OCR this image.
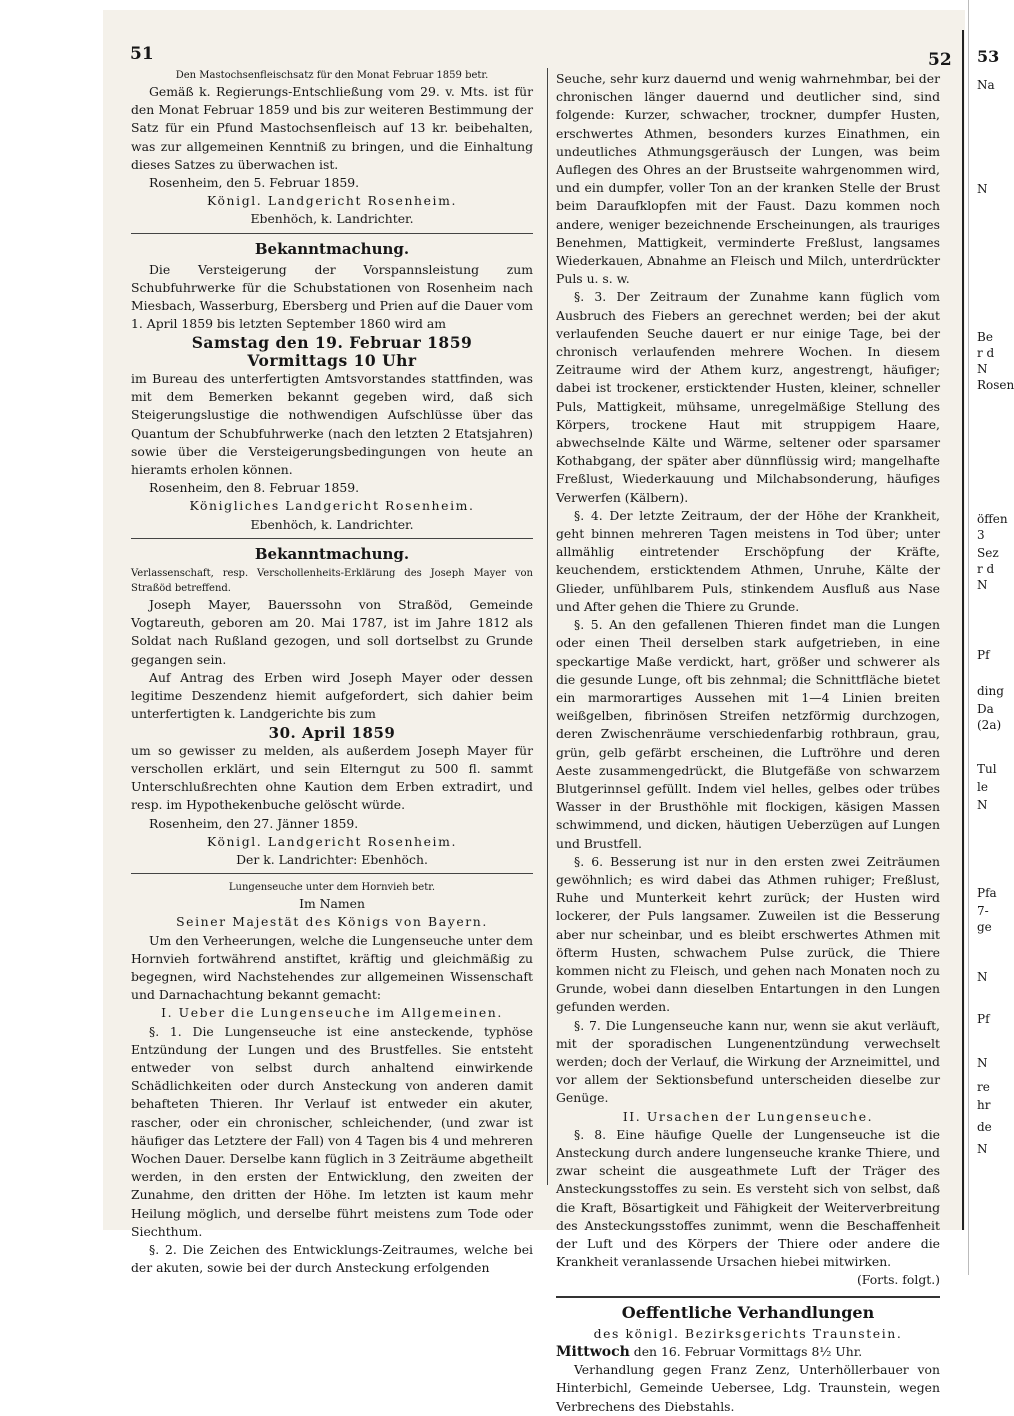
51	52

Den Mastochsenfleischsatz für den Monat Februar 1859 betr.

Gemäß k. Regierungs-Entschließung vom 29. v. Mts. ist für den Monat Februar 1859 und bis zur weiteren Bestimmung der Satz für ein Pfund Mastochsenfleisch auf 13 kr. beibehalten, was zur allgemeinen Kenntniß zu bringen, und die Einhaltung dieses Satzes zu überwachen ist.

Rosenheim, den 5. Februar 1859.

Königl. Landgericht Rosenheim.

Ebenhöch, k. Landrichter.

Bekanntmachung.

Die Versteigerung der Vorspannsleistung zum Schubfuhrwerke für die Schubstationen von Rosenheim nach Miesbach, Wasserburg, Ebersberg und Prien auf die Dauer vom 1. April 1859 bis letzten September 1860 wird am

Samstag den 19. Februar 1859

Vormittags 10 Uhr

im Bureau des unterfertigten Amtsvorstandes stattfinden, was mit dem Bemerken bekannt gegeben wird, daß sich Steigerungslustige die nothwendigen Aufschlüsse über das Quantum der Schubfuhrwerke (nach den letzten 2 Etatsjahren) sowie über die Versteigerungsbedingungen von heute an hieramts erholen können.

Rosenheim, den 8. Februar 1859.

Königliches Landgericht Rosenheim.

Ebenhöch, k. Landrichter.

Bekanntmachung.

Verlassenschaft, resp. Verschollenheits-Erklärung des Joseph Mayer von Straßöd betreffend.

Joseph Mayer, Bauerssohn von Straßöd, Gemeinde Vogtareuth, geboren am 20. Mai 1787, ist im Jahre 1812 als Soldat nach Rußland gezogen, und soll dortselbst zu Grunde gegangen sein.

Auf Antrag des Erben wird Joseph Mayer oder dessen legitime Deszendenz hiemit aufgefordert, sich dahier beim unterfertigten k. Landgerichte bis zum

30. April 1859

um so gewisser zu melden, als außerdem Joseph Mayer für verschollen erklärt, und sein Elterngut zu 500 fl. sammt Unterschlußrechten ohne Kaution dem Erben extradirt, und resp. im Hypothekenbuche gelöscht würde.

Rosenheim, den 27. Jänner 1859.

Königl. Landgericht Rosenheim.

Der k. Landrichter: Ebenhöch.

Lungenseuche unter dem Hornvieh betr.

Im Namen

Seiner Majestät des Königs von Bayern.

Um den Verheerungen, welche die Lungenseuche unter dem Hornvieh fortwährend anstiftet, kräftig und gleichmäßig zu begegnen, wird Nachstehendes zur allgemeinen Wissenschaft und Darnachachtung bekannt gemacht:

I. Ueber die Lungenseuche im Allgemeinen.

§. 1. Die Lungenseuche ist eine ansteckende, typhöse Entzündung der Lungen und des Brustfelles. Sie entsteht entweder von selbst durch anhaltend einwirkende Schädlichkeiten oder durch Ansteckung von anderen damit behafteten Thieren. Ihr Verlauf ist entweder ein akuter, rascher, oder ein chronischer, schleichender, (und zwar ist häufiger das Letztere der Fall) von 4 Tagen bis 4 und mehreren Wochen Dauer. Derselbe kann füglich in 3 Zeiträume abgetheilt werden, in den ersten der Entwicklung, den zweiten der Zunahme, den dritten der Höhe. Im letzten ist kaum mehr Heilung möglich, und derselbe führt meistens zum Tode oder Siechthum.

§. 2. Die Zeichen des Entwicklungs-Zeitraumes, welche bei der akuten, sowie bei der durch Ansteckung erfolgenden

Seuche, sehr kurz dauernd und wenig wahrnehmbar, bei der chronischen länger dauernd und deutlicher sind, sind folgende: Kurzer, schwacher, trockner, dumpfer Husten, erschwertes Athmen, besonders kurzes Einathmen, ein undeutliches Athmungsgeräusch der Lungen, was beim Auflegen des Ohres an der Brustseite wahrgenommen wird, und ein dumpfer, voller Ton an der kranken Stelle der Brust beim Daraufklopfen mit der Faust. Dazu kommen noch andere, weniger bezeichnende Erscheinungen, als trauriges Benehmen, Mattigkeit, verminderte Freßlust, langsames Wiederkauen, Abnahme an Fleisch und Milch, unterdrückter Puls u. s. w.

§. 3. Der Zeitraum der Zunahme kann füglich vom Ausbruch des Fiebers an gerechnet werden; bei der akut verlaufenden Seuche dauert er nur einige Tage, bei der chronisch verlaufenden mehrere Wochen. In diesem Zeitraume wird der Athem kurz, angestrengt, häufiger; dabei ist trockener, ersticktender Husten, kleiner, schneller Puls, Mattigkeit, mühsame, unregelmäßige Stellung des Körpers, trockene Haut mit struppigem Haare, abwechselnde Kälte und Wärme, seltener oder sparsamer Kothabgang, der später aber dünnflüssig wird; mangelhafte Freßlust, Wiederkauung und Milchabsonderung, häufiges Verwerfen (Kälbern).

§. 4. Der letzte Zeitraum, der der Höhe der Krankheit, geht binnen mehreren Tagen meistens in Tod über; unter allmählig eintretender Erschöpfung der Kräfte, keuchendem, ersticktendem Athmen, Unruhe, Kälte der Glieder, unfühlbarem Puls, stinkendem Ausfluß aus Nase und After gehen die Thiere zu Grunde.

§. 5. An den gefallenen Thieren findet man die Lungen oder einen Theil derselben stark aufgetrieben, in eine speckartige Maße verdickt, hart, größer und schwerer als die gesunde Lunge, oft bis zehnmal; die Schnittfläche bietet ein marmorartiges Aussehen mit 1—4 Linien breiten weißgelben, fibrinösen Streifen netzförmig durchzogen, deren Zwischenräume verschiedenfarbig rothbraun, grau, grün, gelb gefärbt erscheinen, die Luftröhre und deren Aeste zusammengedrückt, die Blutgefäße von schwarzem Blutgerinnsel gefüllt. Indem viel helles, gelbes oder trübes Wasser in der Brusthöhle mit flockigen, käsigen Massen schwimmend, und dicken, häutigen Ueberzügen auf Lungen und Brustfell.

§. 6. Besserung ist nur in den ersten zwei Zeiträumen gewöhnlich; es wird dabei das Athmen ruhiger; Freßlust, Ruhe und Munterkeit kehrt zurück; der Husten wird lockerer, der Puls langsamer. Zuweilen ist die Besserung aber nur scheinbar, und es bleibt erschwertes Athmen mit öfterm Husten, schwachem Pulse zurück, die Thiere kommen nicht zu Fleisch, und gehen nach Monaten noch zu Grunde, wobei dann dieselben Entartungen in den Lungen gefunden werden.

§. 7. Die Lungenseuche kann nur, wenn sie akut verläuft, mit der sporadischen Lungenentzündung verwechselt werden; doch der Verlauf, die Wirkung der Arzneimittel, und vor allem der Sektionsbefund unterscheiden dieselbe zur Genüge.

II. Ursachen der Lungenseuche.

§. 8. Eine häufige Quelle der Lungenseuche ist die Ansteckung durch andere lungenseuche kranke Thiere, und zwar scheint die ausgeathmete Luft der Träger des Ansteckungsstoffes zu sein. Es versteht sich von selbst, daß die Kraft, Bösartigkeit und Fähigkeit der Weiterverbreitung des Ansteckungsstoffes zunimmt, wenn die Beschaffenheit der Luft und des Körpers der Thiere oder andere die Krankheit veranlassende Ursachen hiebei mitwirken.

(Forts. folgt.)

Oeffentliche Verhandlungen

des königl. Bezirksgerichts Traunstein.

Mittwoch den 16. Februar Vormittags 8½ Uhr.

Verhandlung gegen Franz Zenz, Unterhöllerbauer von Hinterbichl, Gemeinde Uebersee, Ldg. Traunstein, wegen Verbrechens des Diebstahls.

53
Na
N
Be
r d
N
Rosen
öffen
3
Sez
r d
N
Pf
ding
Da
(2a)
Tul
le
N
Pfa
7-
ge
N
Pf
N
re
hr
de
N
